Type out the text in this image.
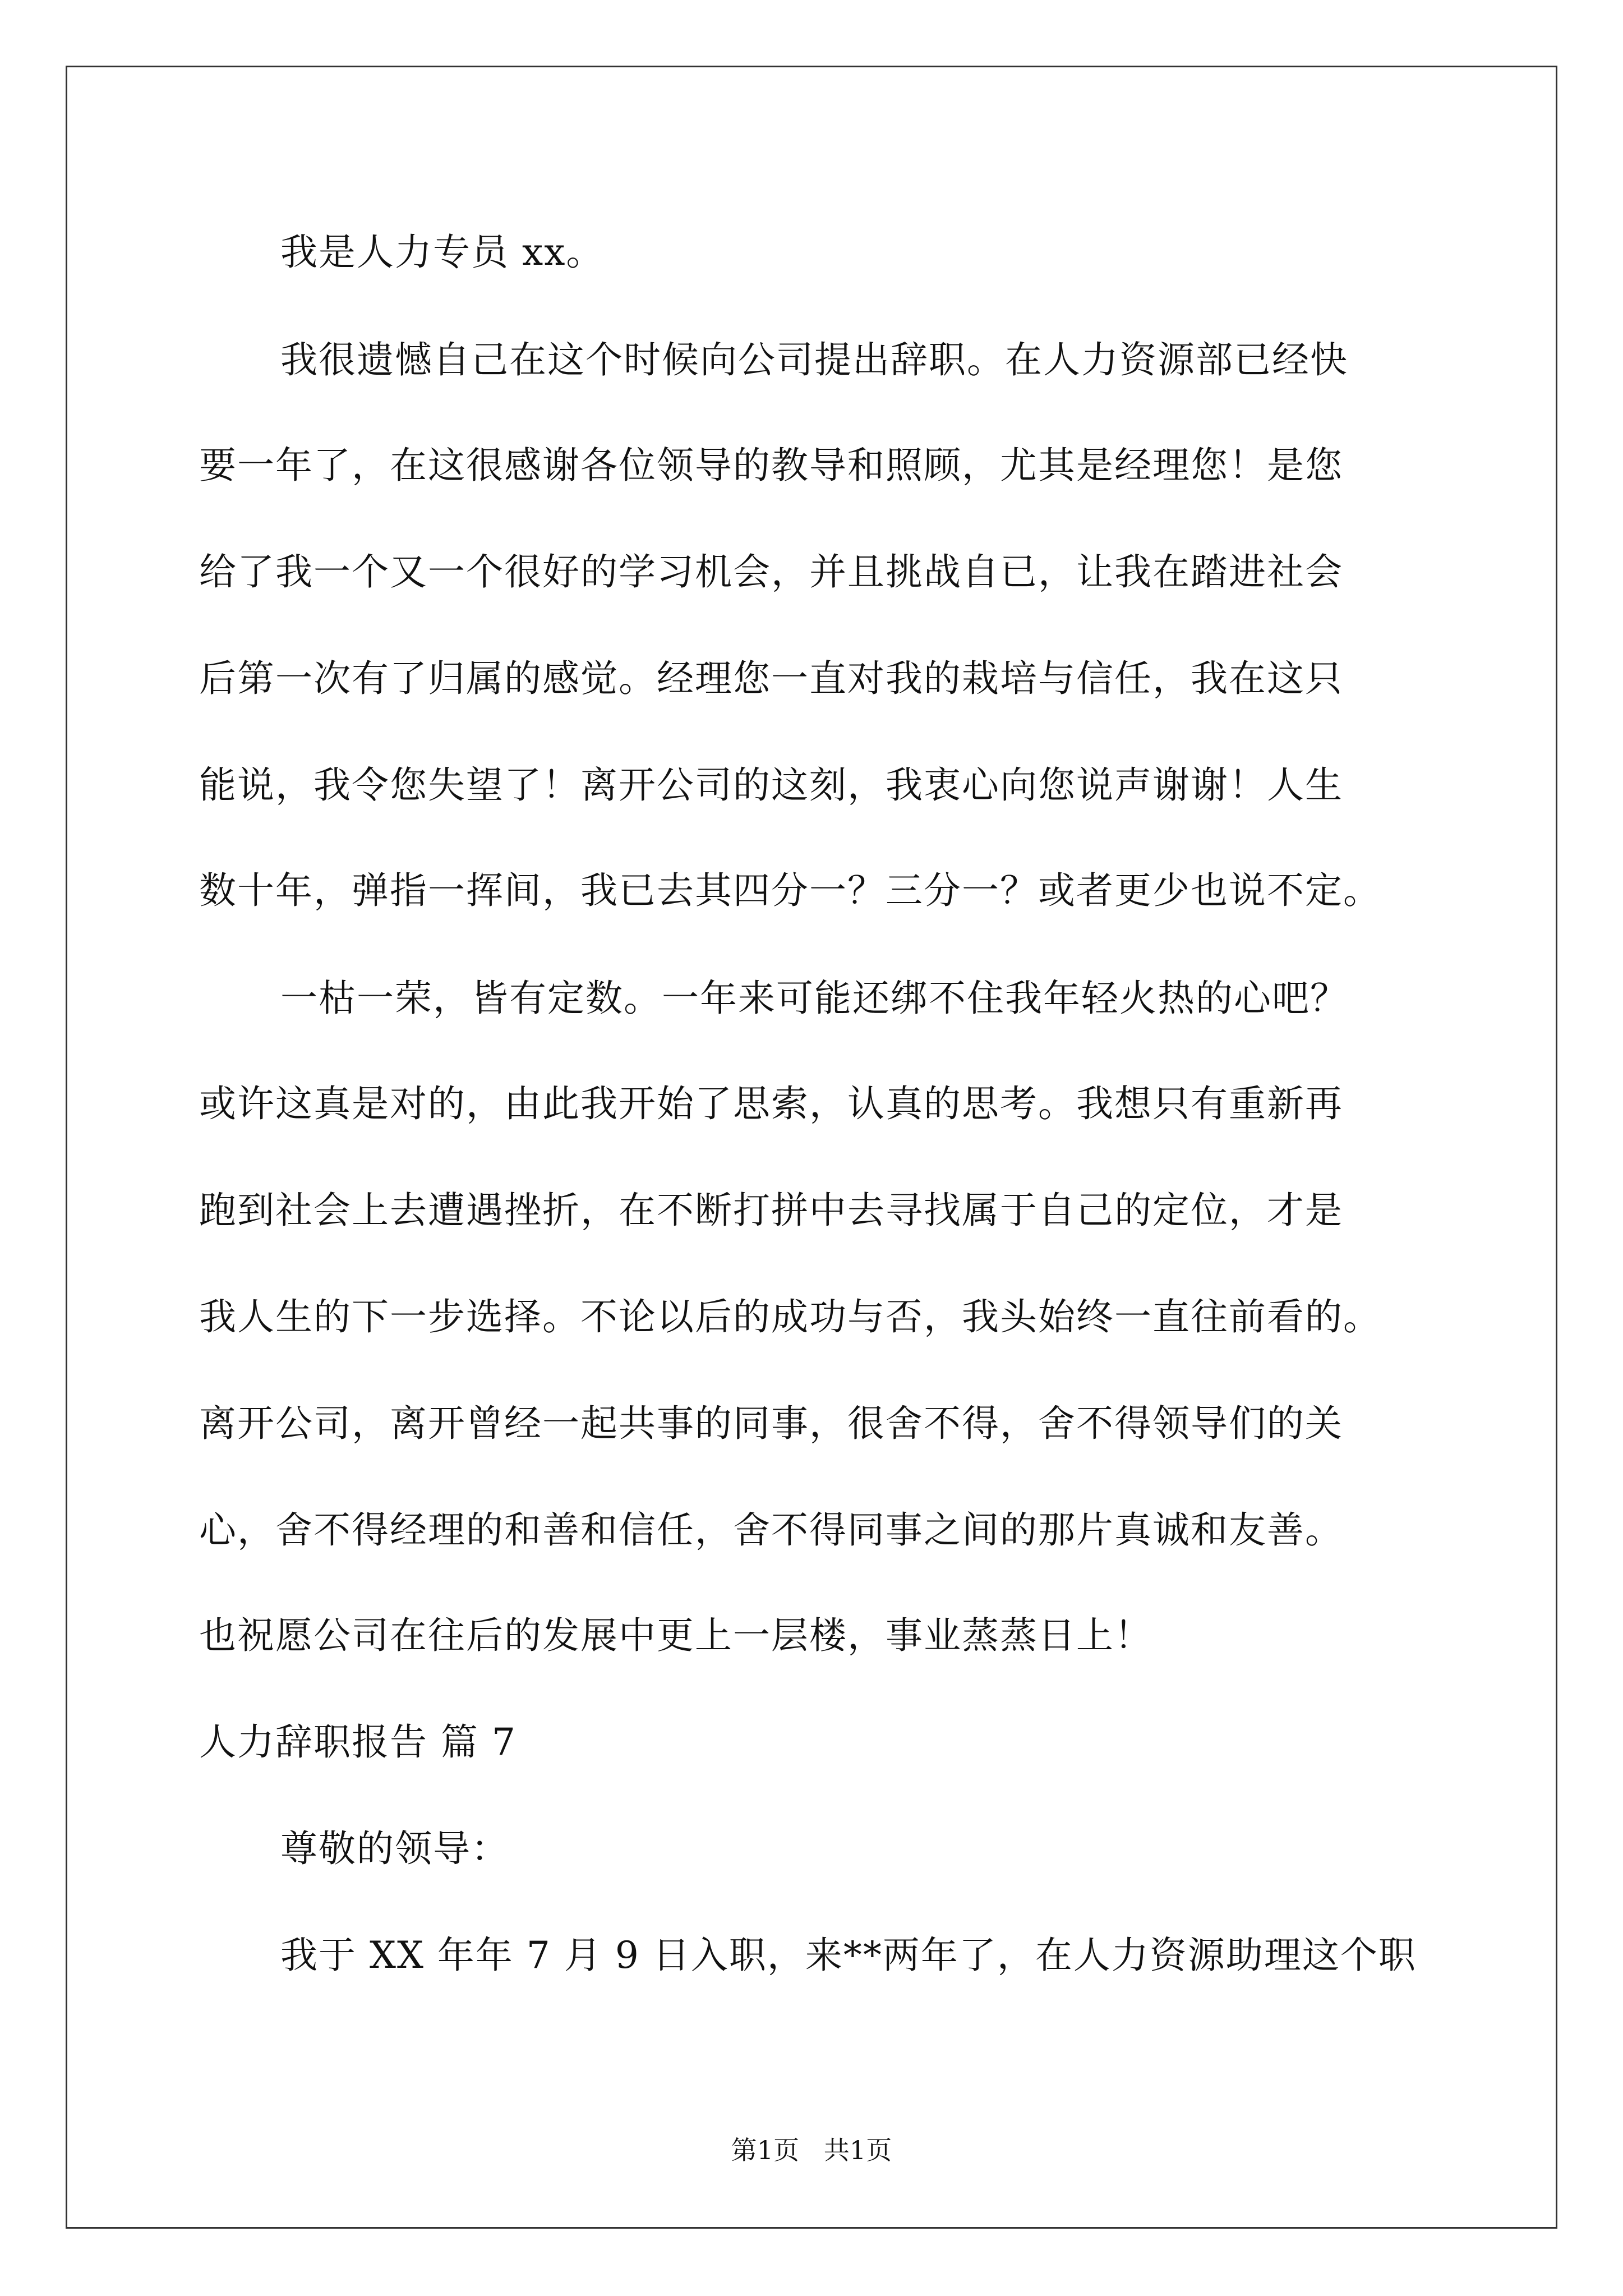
我是人力专员 xx。
我很遗憾自己在这个时候向公司提出辞职。在人力资源部已经快
要一年了，在这很感谢各位领导的教导和照顾，尤其是经理您！是您
给了我一个又一个很好的学习机会，并且挑战自已，让我在踏进社会
后第一次有了归属的感觉。经理您一直对我的栽培与信任，我在这只
能说，我令您失望了！离开公司的这刻，我衷心向您说声谢谢！人生
数十年，弹指一挥间，我已去其四分一？三分一？或者更少也说不定。
一枯一荣，皆有定数。一年来可能还绑不住我年轻火热的心吧？
或许这真是对的，由此我开始了思索，认真的思考。我想只有重新再
跑到社会上去遭遇挫折，在不断打拼中去寻找属于自己的定位，才是
我人生的下一步选择。不论以后的成功与否，我头始终一直往前看的。
离开公司，离开曾经一起共事的同事，很舍不得，舍不得领导们的关
心，舍不得经理的和善和信任，舍不得同事之间的那片真诚和友善。
也祝愿公司在往后的发展中更上一层楼，事业蒸蒸日上！
人力辞职报告 篇 7
尊敬的领导：
我于 XX 年年 7 月 9 日入职，来**两年了，在人力资源助理这个职
第1页   共1页
